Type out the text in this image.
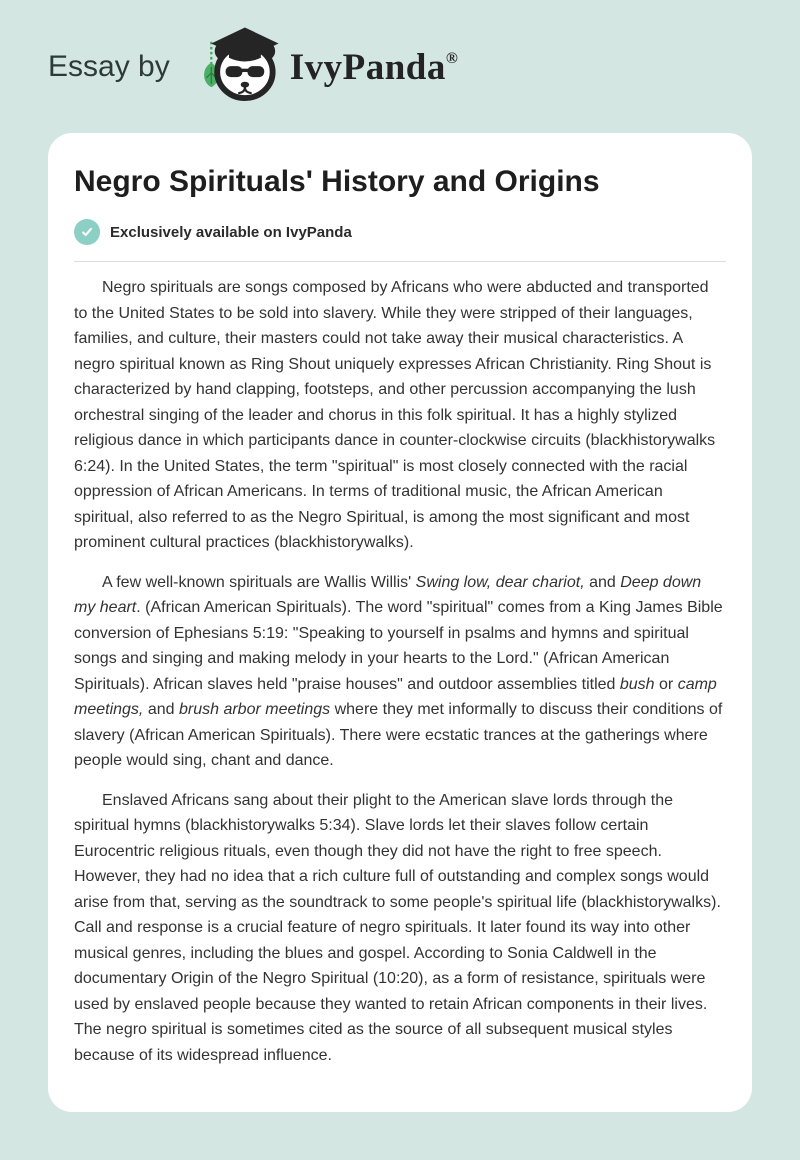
Essay by	IvyPanda®
Negro Spirituals' History and Origins
Exclusively available on IvyPanda

Negro spirituals are songs composed by Africans who were abducted and transported to the United States to be sold into slavery. While they were stripped of their languages, families, and culture, their masters could not take away their musical characteristics. A negro spiritual known as Ring Shout uniquely expresses African Christianity. Ring Shout is characterized by hand clapping, footsteps, and other percussion accompanying the lush orchestral singing of the leader and chorus in this folk spiritual. It has a highly stylized religious dance in which participants dance in counter-clockwise circuits (blackhistorywalks 6:24). In the United States, the term "spiritual" is most closely connected with the racial oppression of African Americans. In terms of traditional music, the African American spiritual, also referred to as the Negro Spiritual, is among the most significant and most prominent cultural practices (blackhistorywalks).

A few well-known spirituals are Wallis Willis' Swing low, dear chariot, and Deep down my heart. (African American Spirituals). The word "spiritual" comes from a King James Bible conversion of Ephesians 5:19: "Speaking to yourself in psalms and hymns and spiritual songs and singing and making melody in your hearts to the Lord." (African American Spirituals). African slaves held "praise houses" and outdoor assemblies titled bush or camp meetings, and brush arbor meetings where they met informally to discuss their conditions of slavery (African American Spirituals). There were ecstatic trances at the gatherings where people would sing, chant and dance.

Enslaved Africans sang about their plight to the American slave lords through the spiritual hymns (blackhistorywalks 5:34). Slave lords let their slaves follow certain Eurocentric religious rituals, even though they did not have the right to free speech. However, they had no idea that a rich culture full of outstanding and complex songs would arise from that, serving as the soundtrack to some people's spiritual life (blackhistorywalks). Call and response is a crucial feature of negro spirituals. It later found its way into other musical genres, including the blues and gospel. According to Sonia Caldwell in the documentary Origin of the Negro Spiritual (10:20), as a form of resistance, spirituals were used by enslaved people because they wanted to retain African components in their lives. The negro spiritual is sometimes cited as the source of all subsequent musical styles because of its widespread influence.
